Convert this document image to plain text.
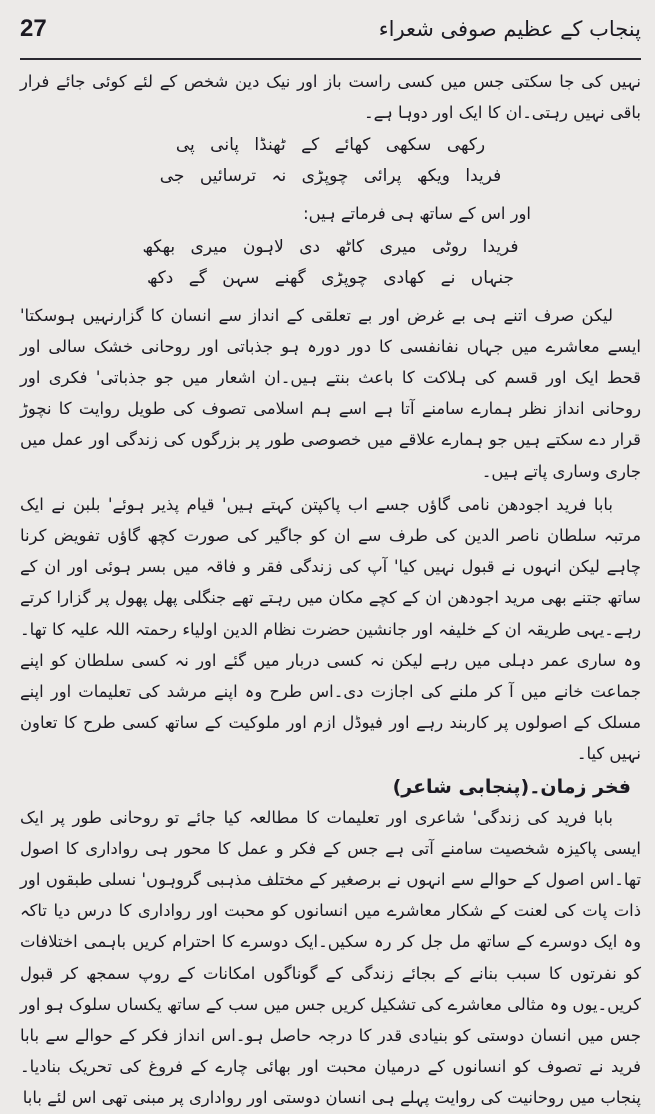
27	پنجاب کے عظیم صوفی شعراء

نہیں کی جا سکتی جس میں کسی راست باز اور نیک دین شخص کے لئے کوئی جائے فرار باقی نہیں رہتی۔ان کا ایک اور دوہا ہے۔

رکھی سکھی کھائے کے ٹھنڈا پانی پی
فریدا ویکھ پرائی چوپڑی نہ ترسائیں جی

اور اس کے ساتھ ہی فرماتے ہیں:

فریدا روٹی میری کاٹھ دی لاہون میری بھکھ
جنہاں نے کھادی چوپڑی گھنے سہن گے دکھ

لیکن صرف اتنے ہی بے غرض اور بے تعلقی کے انداز سے انسان کا گزارنہیں ہوسکتا' ایسے معاشرے میں جہاں نفانفسی کا دور دورہ ہو جذباتی اور روحانی خشک سالی اور قحط ایک اور قسم کی ہلاکت کا باعث بنتے ہیں۔ان اشعار میں جو جذباتی' فکری اور روحانی انداز نظر ہمارے سامنے آتا ہے اسے ہم اسلامی تصوف کی طویل روایت کا نچوڑ قرار دے سکتے ہیں جو ہمارے علاقے میں خصوصی طور پر بزرگوں کی زندگی اور عمل میں جاری وساری پاتے ہیں۔

بابا فرید اجودھن نامی گاؤں جسے اب پاکپتن کہتے ہیں' قیام پذیر ہوئے' بلبن نے ایک مرتبہ سلطان ناصر الدین کی طرف سے ان کو جاگیر کی صورت کچھ گاؤں تفویض کرنا چاہے لیکن انہوں نے قبول نہیں کیا' آپ کی زندگی فقر و فاقہ میں بسر ہوئی اور ان کے ساتھ جتنے بھی مرید اجودھن ان کے کچے مکان میں رہتے تھے جنگلی پھل پھول پر گزارا کرتے رہے۔یہی طریقہ ان کے خلیفہ اور جانشین حضرت نظام الدین اولیاء رحمتہ اللہ علیہ کا تھا۔وہ ساری عمر دہلی میں رہے لیکن نہ کسی دربار میں گئے اور نہ کسی سلطان کو اپنے جماعت خانے میں آ کر ملنے کی اجازت دی۔اس طرح وہ اپنے مرشد کی تعلیمات اور اپنے مسلک کے اصولوں پر کاربند رہے اور فیوڈل ازم اور ملوکیت کے ساتھ کسی طرح کا تعاون نہیں کیا۔

فخر زمان۔(پنجابی شاعر)

بابا فرید کی زندگی' شاعری اور تعلیمات کا مطالعہ کیا جائے تو روحانی طور پر ایک ایسی پاکیزہ شخصیت سامنے آتی ہے جس کے فکر و عمل کا محور ہی رواداری کا اصول تھا۔اس اصول کے حوالے سے انہوں نے برصغیر کے مختلف مذہبی گروہوں' نسلی طبقوں اور ذات پات کی لعنت کے شکار معاشرے میں انسانوں کو محبت اور رواداری کا درس دیا تاکہ وہ ایک دوسرے کے ساتھ مل جل کر رہ سکیں۔ایک دوسرے کا احترام کریں باہمی اختلافات کو نفرتوں کا سبب بنانے کے بجائے زندگی کے گوناگوں امکانات کے روپ سمجھ کر قبول کریں۔یوں وہ مثالی معاشرے کی تشکیل کریں جس میں سب کے ساتھ یکساں سلوک ہو اور جس میں انسان دوستی کو بنیادی قدر کا درجہ حاصل ہو۔اس انداز فکر کے حوالے سے بابا فرید نے تصوف کو انسانوں کے درمیان محبت اور بھائی چارے کے فروغ کی تحریک بنادیا۔پنجاب میں روحانیت کی روایت پہلے ہی انسان دوستی اور رواداری پر مبنی تھی اس لئے بابا
